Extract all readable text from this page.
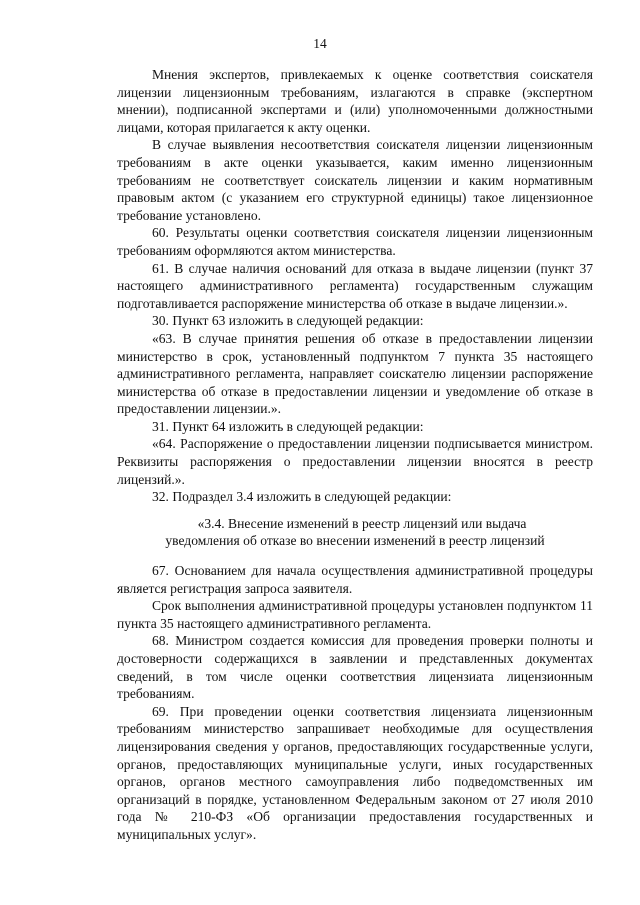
14

Мнения экспертов, привлекаемых к оценке соответствия соискателя лицензии лицензионным требованиям, излагаются в справке (экспертном мнении), подписанной экспертами и (или) уполномоченными должностными лицами, которая прилагается к акту оценки.

В случае выявления несоответствия соискателя лицензии лицензионным требованиям в акте оценки указывается, каким именно лицензионным требованиям не соответствует соискатель лицензии и каким нормативным правовым актом (с указанием его структурной единицы) такое лицензионное требование установлено.

60. Результаты оценки соответствия соискателя лицензии лицензионным требованиям оформляются актом министерства.

61. В случае наличия оснований для отказа в выдаче лицензии (пункт 37 настоящего административного регламента) государственным служащим подготавливается распоряжение министерства об отказе в выдаче лицензии.».

30. Пункт 63 изложить в следующей редакции:

«63. В случае принятия решения об отказе в предоставлении лицензии министерство в срок, установленный подпунктом 7 пункта 35 настоящего административного регламента, направляет соискателю лицензии распоряжение министерства об отказе в предоставлении лицензии и уведомление об отказе в предоставлении лицензии.».

31. Пункт 64 изложить в следующей редакции:

«64. Распоряжение о предоставлении лицензии подписывается министром. Реквизиты распоряжения о предоставлении лицензии вносятся в реестр лицензий.».

32. Подраздел 3.4 изложить в следующей редакции:

«3.4. Внесение изменений в реестр лицензий или выдача
уведомления об отказе во внесении изменений в реестр лицензий

67. Основанием для начала осуществления административной процедуры является регистрация запроса заявителя.

Срок выполнения административной процедуры установлен подпунктом 11 пункта 35 настоящего административного регламента.

68. Министром создается комиссия для проведения проверки полноты и достоверности содержащихся в заявлении и представленных документах сведений, в том числе оценки соответствия лицензиата лицензионным требованиям.

69. При проведении оценки соответствия лицензиата лицензионным требованиям министерство запрашивает необходимые для осуществления лицензирования сведения у органов, предоставляющих государственные услуги, органов, предоставляющих муниципальные услуги, иных государственных органов, органов местного самоуправления либо подведомственных им организаций в порядке, установленном Федеральным законом от 27 июля 2010 года № 210-ФЗ «Об организации предоставления государственных и муниципальных услуг».
